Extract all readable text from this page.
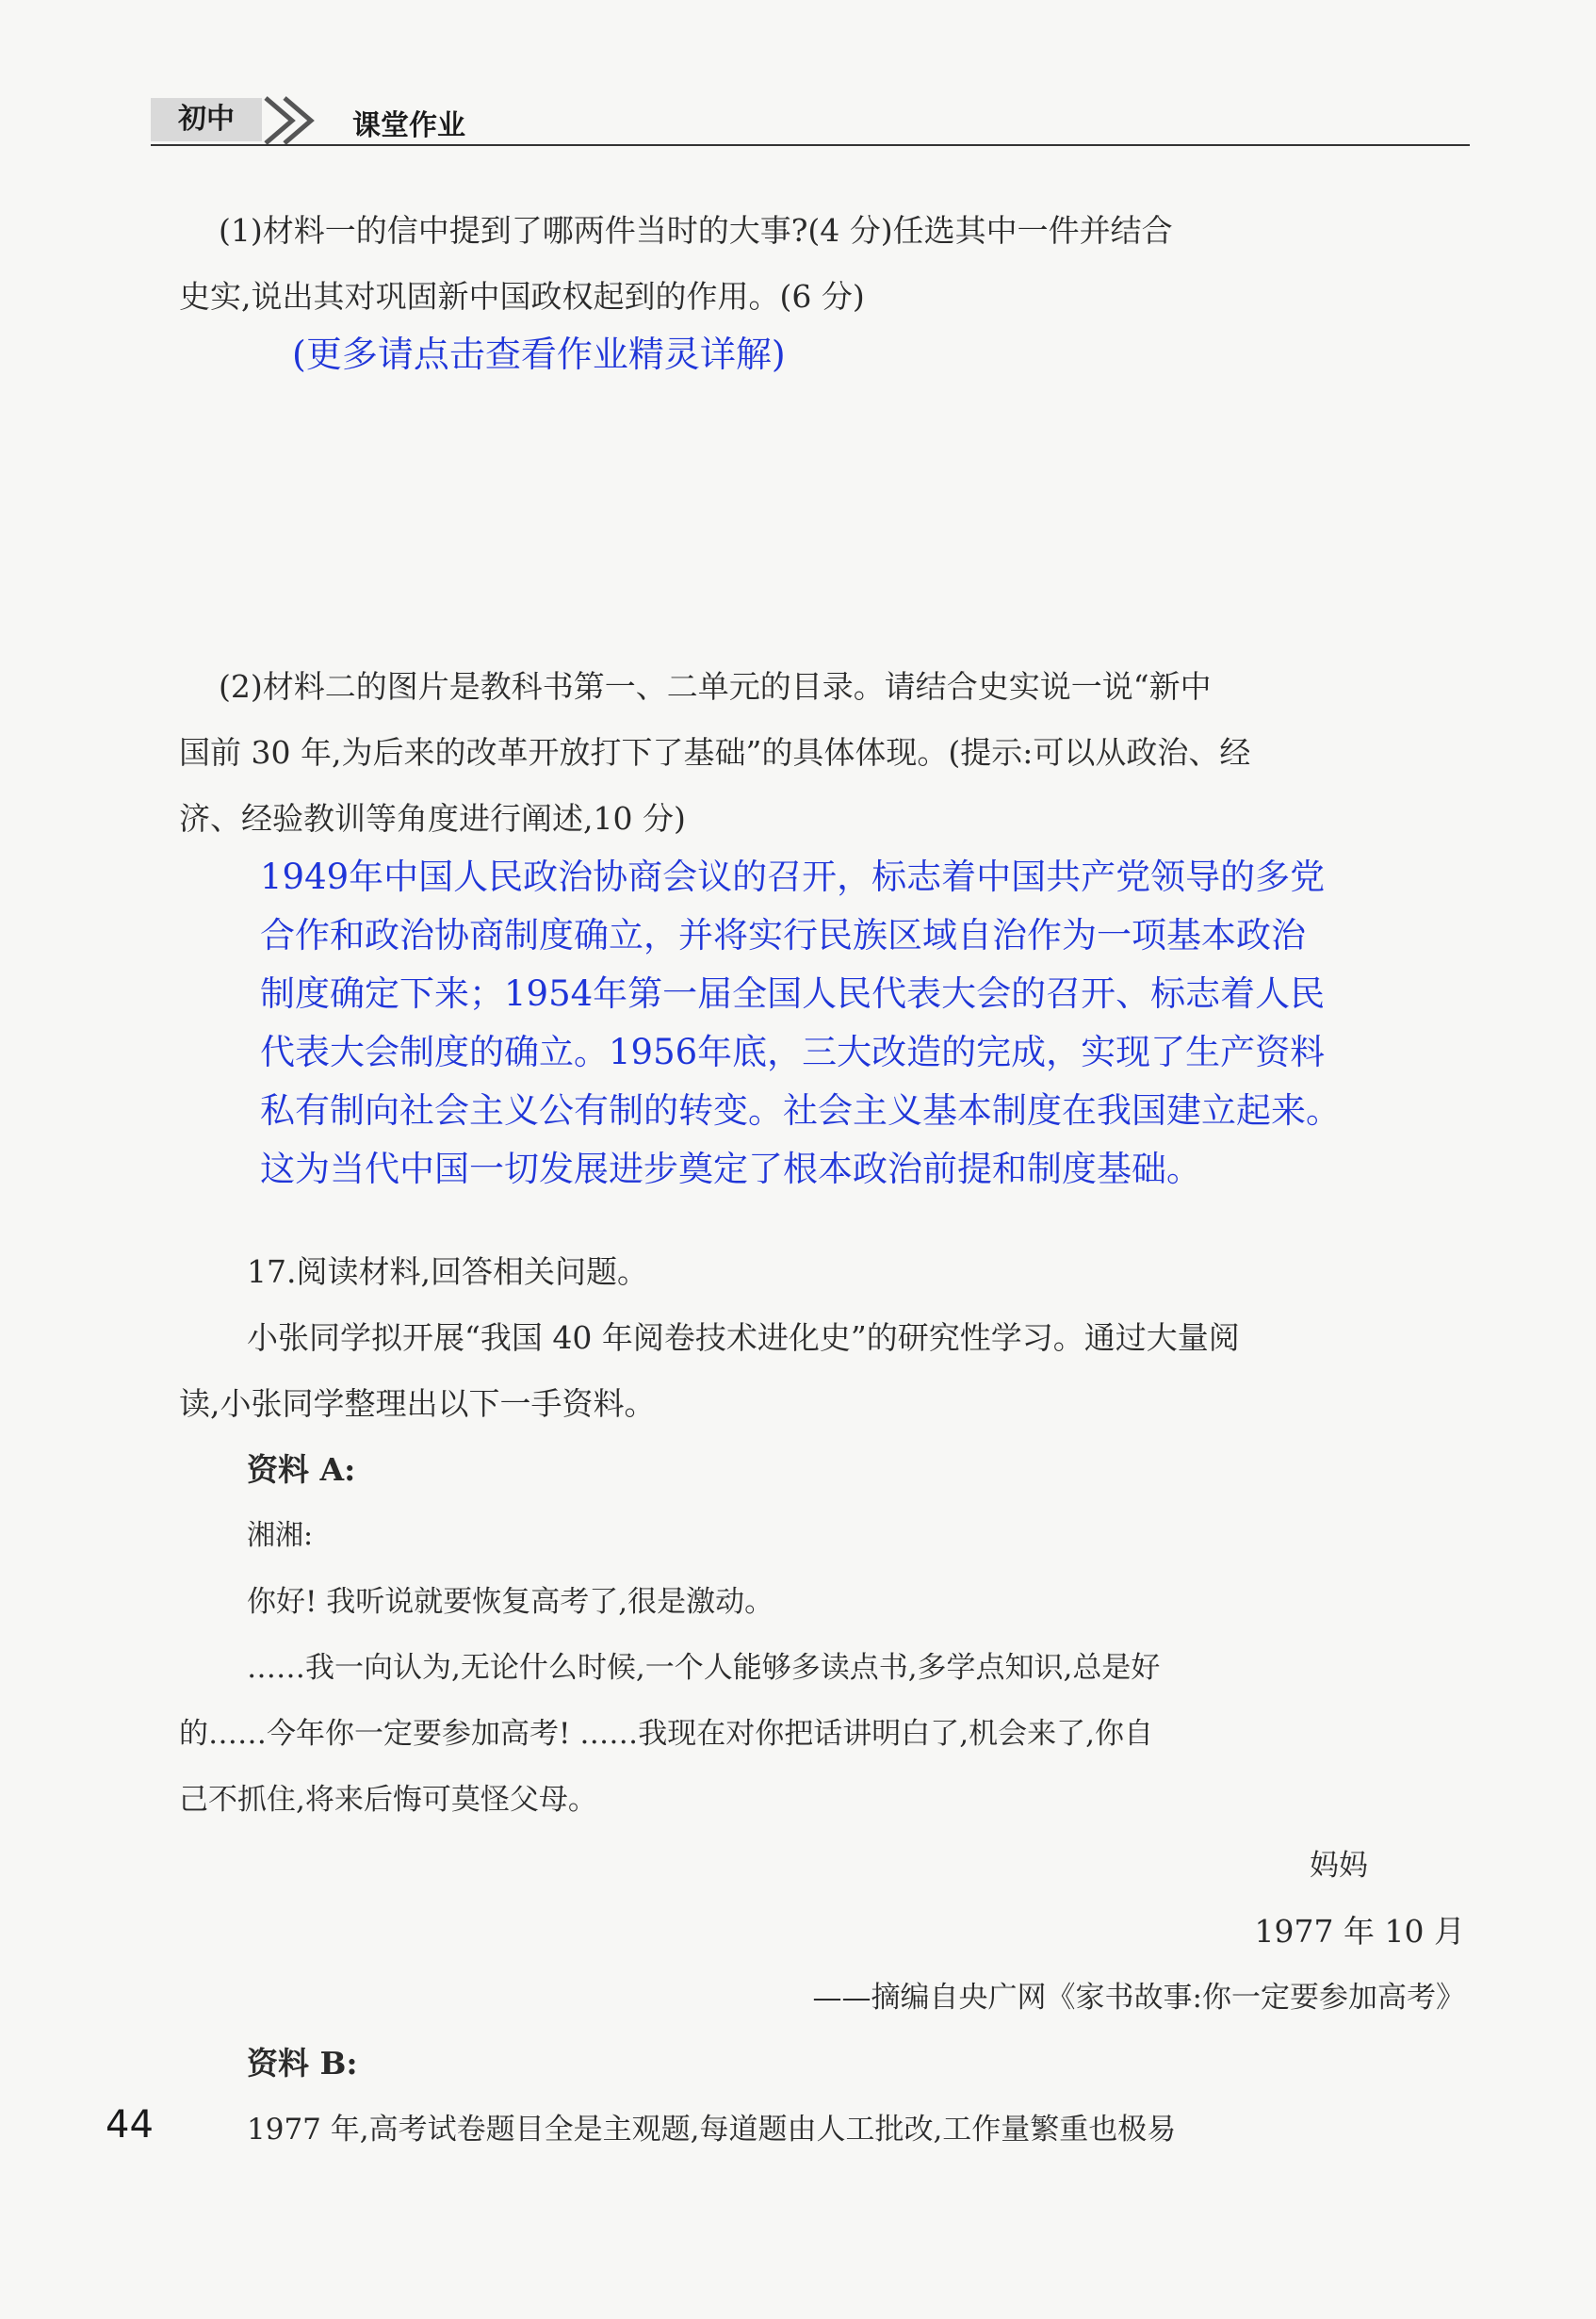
初中	课堂作业
(1)材料一的信中提到了哪两件当时的大事?(4 分)任选其中一件并结合
史实,说出其对巩固新中国政权起到的作用。(6 分)
(更多请点击查看作业精灵详解)
(2)材料二的图片是教科书第一、二单元的目录。请结合史实说一说“新中
国前 30 年,为后来的改革开放打下了基础”的具体体现。(提示:可以从政治、经
济、经验教训等角度进行阐述,10 分)
1949年中国人民政治协商会议的召开，标志着中国共产党领导的多党
合作和政治协商制度确立，并将实行民族区域自治作为一项基本政治
制度确定下来；1954年第一届全国人民代表大会的召开、标志着人民
代表大会制度的确立。1956年底，三大改造的完成，实现了生产资料
私有制向社会主义公有制的转变。社会主义基本制度在我国建立起来。
这为当代中国一切发展进步奠定了根本政治前提和制度基础。
17.阅读材料,回答相关问题。
小张同学拟开展“我国 40 年阅卷技术进化史”的研究性学习。通过大量阅
读,小张同学整理出以下一手资料。
资料 A:
湘湘:
你好! 我听说就要恢复高考了,很是激动。
……我一向认为,无论什么时候,一个人能够多读点书,多学点知识,总是好
的……今年你一定要参加高考! ……我现在对你把话讲明白了,机会来了,你自
己不抓住,将来后悔可莫怪父母。
妈妈
1977 年 10 月
——摘编自央广网《家书故事:你一定要参加高考》
资料 B:
1977 年,高考试卷题目全是主观题,每道题由人工批改,工作量繁重也极易
44
